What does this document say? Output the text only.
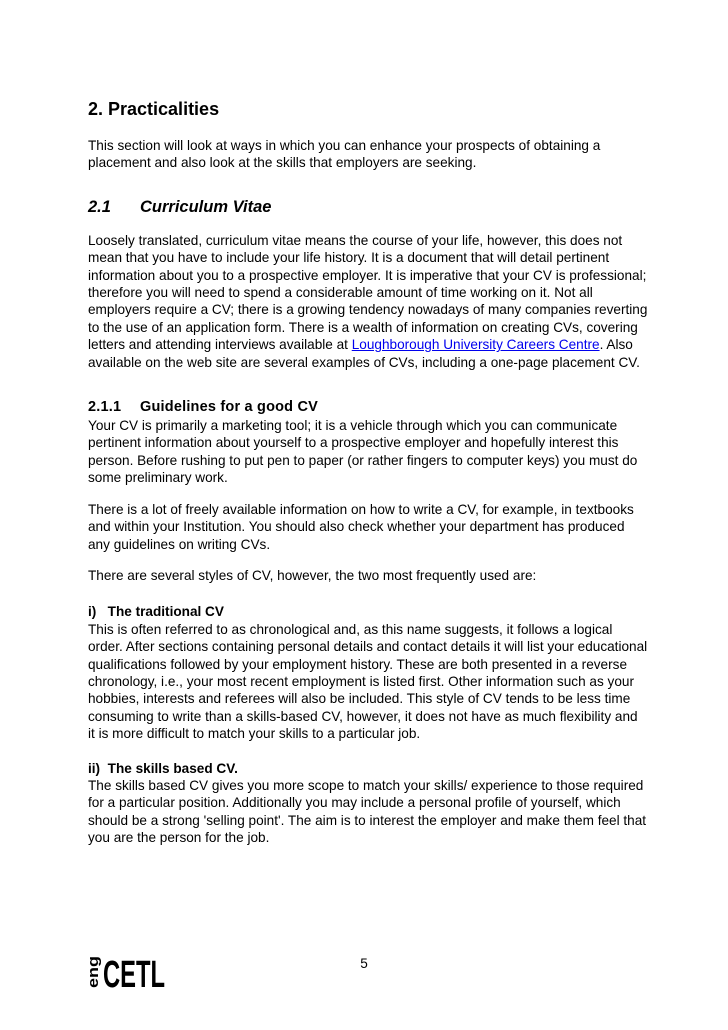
2. Practicalities

This section will look at ways in which you can enhance your prospects of obtaining a placement and also look at the skills that employers are seeking.

2.1	Curriculum Vitae

Loosely translated, curriculum vitae means the course of your life, however, this does not mean that you have to include your life history. It is a document that will detail pertinent information about you to a prospective employer. It is imperative that your CV is professional; therefore you will need to spend a considerable amount of time working on it. Not all employers require a CV; there is a growing tendency nowadays of many companies reverting to the use of an application form. There is a wealth of information on creating CVs, covering letters and attending interviews available at Loughborough University Careers Centre. Also available on the web site are several examples of CVs, including a one-page placement CV.

2.1.1	Guidelines for a good CV

Your CV is primarily a marketing tool; it is a vehicle through which you can communicate pertinent information about yourself to a prospective employer and hopefully interest this person. Before rushing to put pen to paper (or rather fingers to computer keys) you must do some preliminary work.

There is a lot of freely available information on how to write a CV, for example, in textbooks and within your Institution. You should also check whether your department has produced any guidelines on writing CVs.

There are several styles of CV, however, the two most frequently used are:

i)   The traditional CV

This is often referred to as chronological and, as this name suggests, it follows a logical order. After sections containing personal details and contact details it will list your educational qualifications followed by your employment history. These are both presented in a reverse chronology, i.e., your most recent employment is listed first. Other information such as your hobbies, interests and referees will also be included. This style of CV tends to be less time consuming to write than a skills-based CV, however, it does not have as much flexibility and it is more difficult to match your skills to a particular job.

ii)  The skills based CV.

The skills based CV gives you more scope to match your skills/ experience to those required for a particular position. Additionally you may include a personal profile of yourself, which should be a strong 'selling point'. The aim is to interest the employer and make them feel that you are the person for the job.

eng CETL	5
